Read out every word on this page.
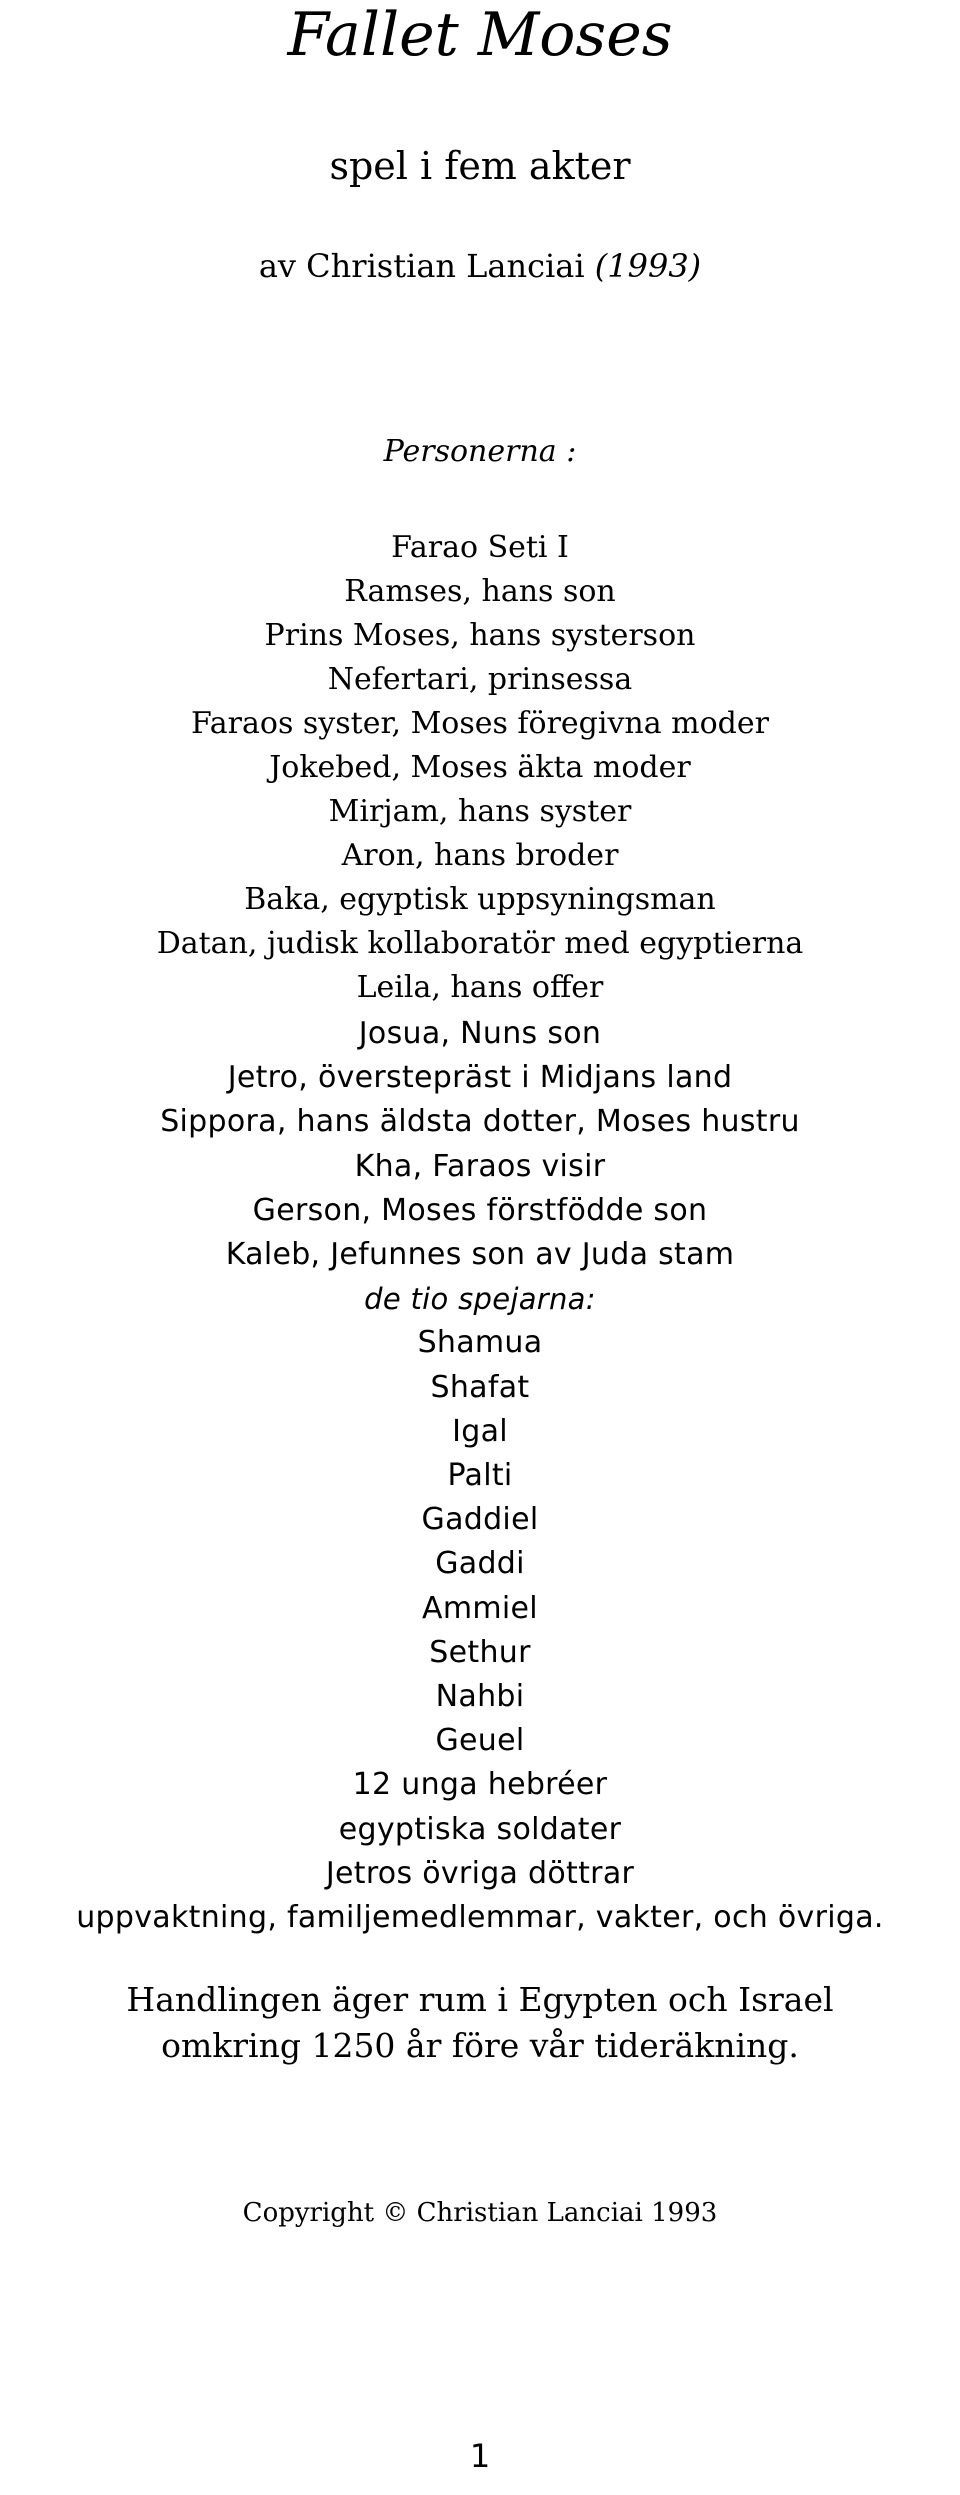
Fallet Moses

spel i fem akter

av Christian Lanciai (1993)

Personerna :
Farao Seti I
Ramses, hans son
Prins Moses, hans systerson
Nefertari, prinsessa
Faraos syster, Moses föregivna moder
Jokebed, Moses äkta moder
Mirjam, hans syster
Aron, hans broder
Baka, egyptisk uppsyningsman
Datan, judisk kollaboratör med egyptierna
Leila, hans offer
Josua, Nuns son
Jetro, överstepräst i Midjans land
Sippora, hans äldsta dotter, Moses hustru
Kha, Faraos visir
Gerson, Moses förstfödde son
Kaleb, Jefunnes son av Juda stam
de tio spejarna:
Shamua
Shafat
Igal
Palti
Gaddiel
Gaddi
Ammiel
Sethur
Nahbi
Geuel
12 unga hebréer
egyptiska soldater
Jetros övriga döttrar
uppvaktning, familjemedlemmar, vakter, och övriga.

Handlingen äger rum i Egypten och Israel
omkring 1250 år före vår tideräkning.

Copyright © Christian Lanciai 1993

1
